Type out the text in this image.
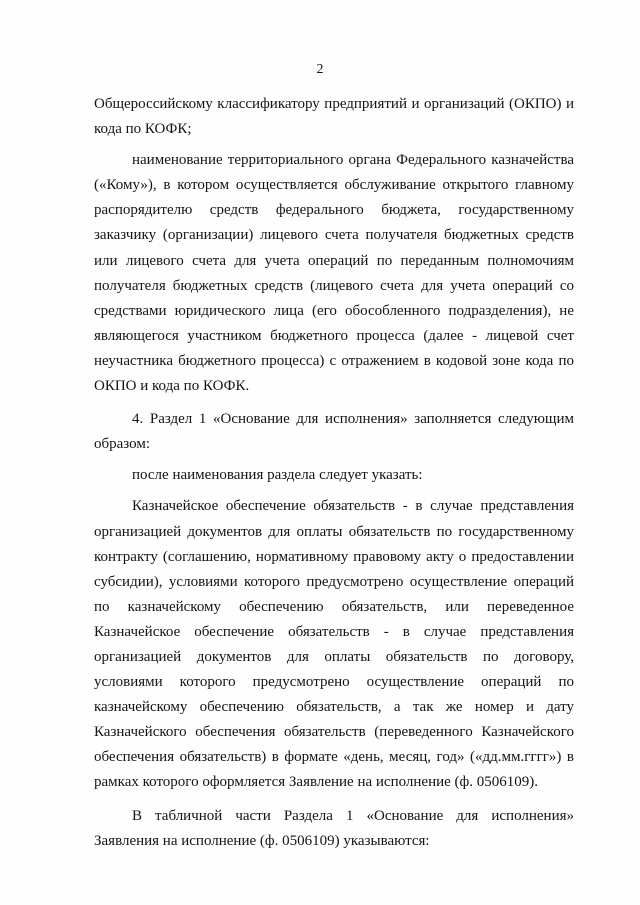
2

Общероссийскому классификатору предприятий и организаций (ОКПО) и кода по КОФК;

наименование территориального органа Федерального казначейства («Кому»), в котором осуществляется обслуживание открытого главному распорядителю средств федерального бюджета, государственному заказчику (организации) лицевого счета получателя бюджетных средств или лицевого счета для учета операций по переданным полномочиям получателя бюджетных средств (лицевого счета для учета операций со средствами юридического лица (его обособленного подразделения), не являющегося участником бюджетного процесса (далее - лицевой счет неучастника бюджетного процесса) с отражением в кодовой зоне кода по ОКПО и кода по КОФК.

4. Раздел 1 «Основание для исполнения» заполняется следующим образом:

после наименования раздела следует указать:

Казначейское обеспечение обязательств - в случае представления организацией документов для оплаты обязательств по государственному контракту (соглашению, нормативному правовому акту о предоставлении субсидии), условиями которого предусмотрено осуществление операций по казначейскому обеспечению обязательств, или переведенное Казначейское обеспечение обязательств - в случае представления организацией документов для оплаты обязательств по договору, условиями которого предусмотрено осуществление операций по казначейскому обеспечению обязательств, а так же номер и дату Казначейского обеспечения обязательств (переведенного Казначейского обеспечения обязательств) в формате «день, месяц, год» («дд.мм.гггг») в рамках которого оформляется Заявление на исполнение (ф. 0506109).

В табличной части Раздела 1 «Основание для исполнения» Заявления на исполнение (ф. 0506109) указываются:
